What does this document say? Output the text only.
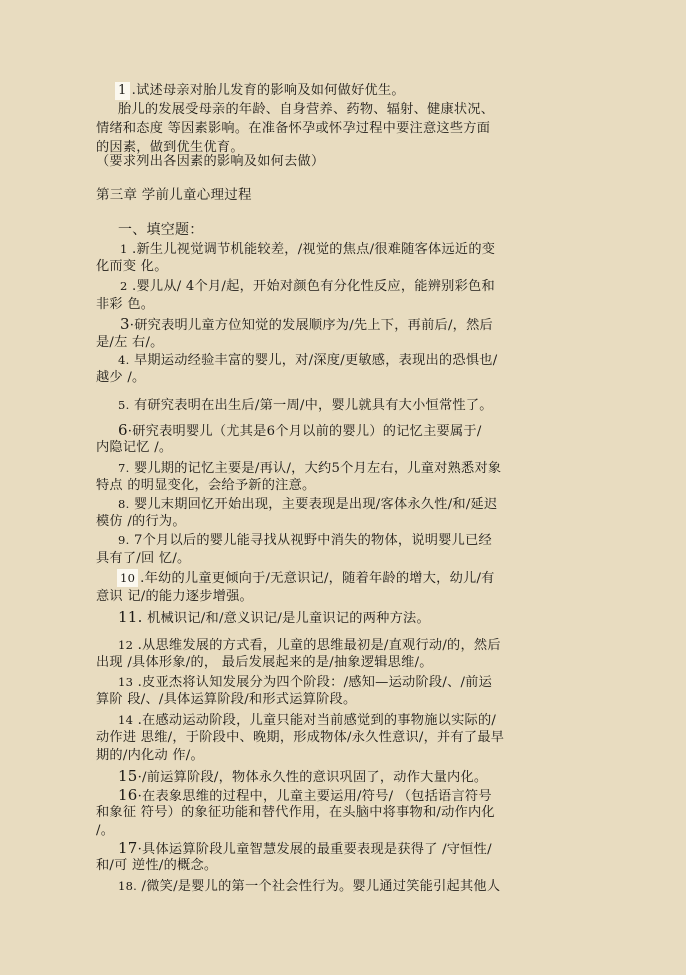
1 .试述母亲对胎儿发育的影响及如何做好优生。
胎儿的发展受母亲的年龄、自身营养、药物、辐射、健康状况、
情绪和态度 等因素影响。在准备怀孕或怀孕过程中要注意这些方面
的因素，做到优生优育。
（要求列出各因素的影响及如何去做）
第三章 学前儿童心理过程
一、填空题：
1 .新生儿视觉调节机能较差，/视觉的焦点/很难随客体远近的变
化而变 化。
2 .婴儿从/ 4个月/起，开始对颜色有分化性反应，能辨别彩色和
非彩 色。
3·研究表明儿童方位知觉的发展顺序为/先上下，再前后/，然后
是/左 右/。
4. 早期运动经验丰富的婴儿，对/深度/更敏感，表现出的恐惧也/
越少 /。
5. 有研究表明在出生后/第一周/中，婴儿就具有大小恒常性了。
6·研究表明婴儿（尤其是6个月以前的婴儿）的记忆主要属于/
内隐记忆 /。
7. 婴儿期的记忆主要是/再认/，大约5个月左右，儿童对熟悉对象
特点 的明显变化，会给予新的注意。
8. 婴儿末期回忆开始出现，主要表现是出现/客体永久性/和/延迟
模仿 /的行为。
9. 7个月以后的婴儿能寻找从视野中消失的物体，说明婴儿已经
具有了/回 忆/。
10 .年幼的儿童更倾向于/无意识记/，随着年龄的增大，幼儿/有
意识 记/的能力逐步增强。
11. 机械识记/和/意义识记/是儿童识记的两种方法。
12 .从思维发展的方式看，儿童的思维最初是/直观行动/的，然后
出现 /具体形象/的， 最后发展起来的是/抽象逻辑思维/。
13 .皮亚杰将认知发展分为四个阶段：/感知—运动阶段/、/前运
算阶 段/、/具体运算阶段/和形式运算阶段。
14 .在感动运动阶段，儿童只能对当前感觉到的事物施以实际的/
动作进 思维/，于阶段中、晚期，形成物体/永久性意识/，并有了最早
期的/内化动 作/。
15·/前运算阶段/，物体永久性的意识巩固了，动作大量内化。
16·在表象思维的过程中，儿童主要运用/符号/ （包括语言符号
和象征 符号）的象征功能和替代作用，在头脑中将事物和/动作内化
/。
17·具体运算阶段儿童智慧发展的最重要表现是获得了 /守恒性/
和/可 逆性/的概念。
18. /微笑/是婴儿的第一个社会性行为。婴儿通过笑能引起其他人
